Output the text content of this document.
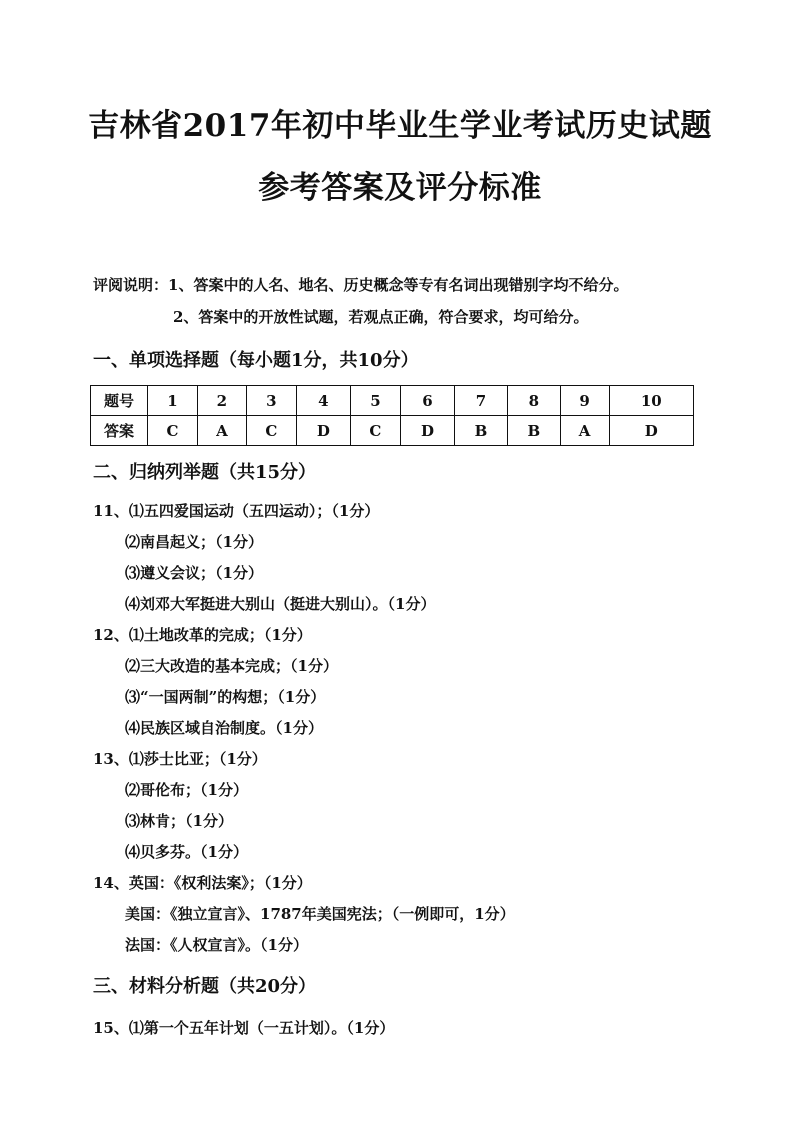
吉林省2017年初中毕业生学业考试历史试题
参考答案及评分标准
评阅说明：1、答案中的人名、地名、历史概念等专有名词出现错别字均不给分。
2、答案中的开放性试题，若观点正确，符合要求，均可给分。
一、单项选择题（每小题1分，共10分）
题号	1	2	3	4	5	6	7	8	9	10
答案	C	A	C	D	C	D	B	B	A	D
二、归纳列举题（共15分）
11、⑴五四爱国运动（五四运动）；（1分）
⑵南昌起义；（1分）
⑶遵义会议；（1分）
⑷刘邓大军挺进大别山（挺进大别山）。（1分）
12、⑴土地改革的完成；（1分）
⑵三大改造的基本完成；（1分）
⑶“一国两制”的构想；（1分）
⑷民族区域自治制度。（1分）
13、⑴莎士比亚；（1分）
⑵哥伦布；（1分）
⑶林肯；（1分）
⑷贝多芬。（1分）
14、英国：《权利法案》；（1分）
美国：《独立宣言》、1787年美国宪法；（一例即可，1分）
法国：《人权宣言》。（1分）
三、材料分析题（共20分）
15、⑴第一个五年计划（一五计划）。（1分）
